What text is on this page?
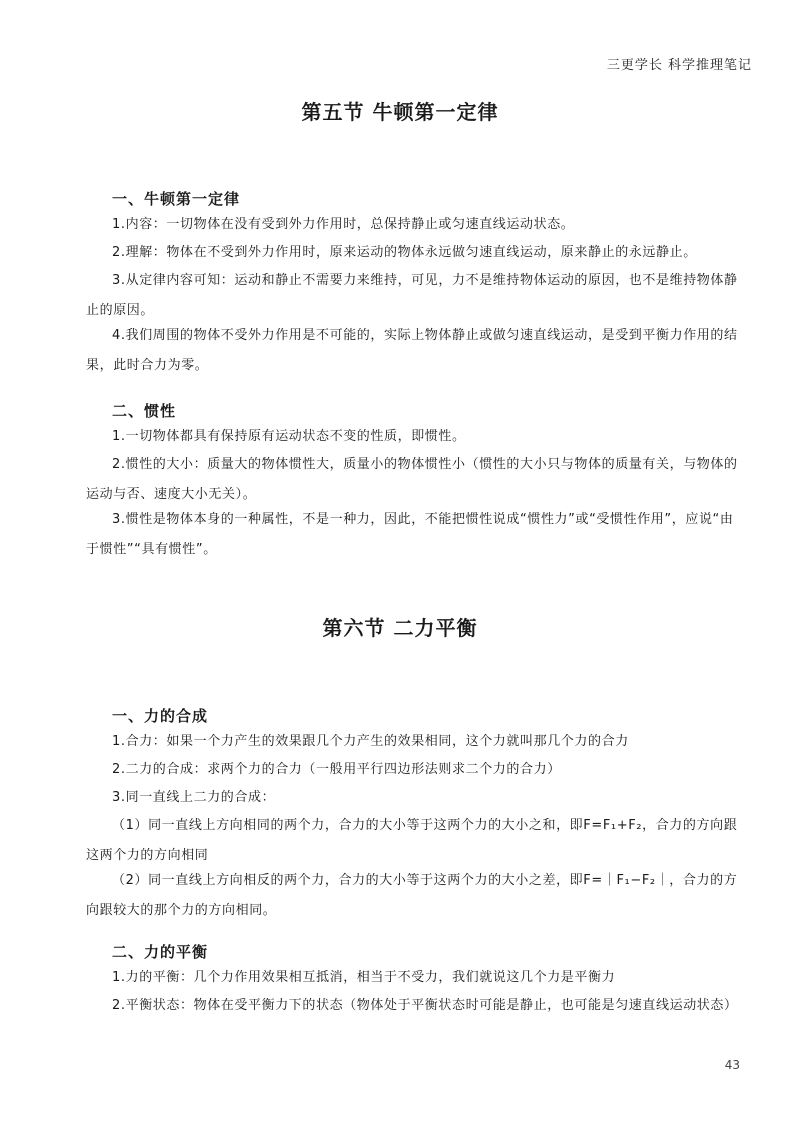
三更学长 科学推理笔记
第五节 牛顿第一定律
一、牛顿第一定律
1.内容：一切物体在没有受到外力作用时，总保持静止或匀速直线运动状态。
2.理解：物体在不受到外力作用时，原来运动的物体永远做匀速直线运动，原来静止的永远静止。
3.从定律内容可知：运动和静止不需要力来维持，可见，力不是维持物体运动的原因，也不是维持物体静止的原因。
4.我们周围的物体不受外力作用是不可能的，实际上物体静止或做匀速直线运动，是受到平衡力作用的结果，此时合力为零。
二、惯性
1.一切物体都具有保持原有运动状态不变的性质，即惯性。
2.惯性的大小：质量大的物体惯性大，质量小的物体惯性小（惯性的大小只与物体的质量有关，与物体的运动与否、速度大小无关）。
3.惯性是物体本身的一种属性，不是一种力，因此，不能把惯性说成“惯性力”或“受惯性作用”，应说“由于惯性”“具有惯性”。
第六节 二力平衡
一、力的合成
1.合力：如果一个力产生的效果跟几个力产生的效果相同，这个力就叫那几个力的合力
2.二力的合成：求两个力的合力（一般用平行四边形法则求二个力的合力）
3.同一直线上二力的合成：
（1）同一直线上方向相同的两个力，合力的大小等于这两个力的大小之和，即F=F₁+F₂，合力的方向跟这两个力的方向相同
（2）同一直线上方向相反的两个力，合力的大小等于这两个力的大小之差，即F=｜F₁−F₂｜，合力的方向跟较大的那个力的方向相同。
二、力的平衡
1.力的平衡：几个力作用效果相互抵消，相当于不受力，我们就说这几个力是平衡力
2.平衡状态：物体在受平衡力下的状态（物体处于平衡状态时可能是静止，也可能是匀速直线运动状态）
43
